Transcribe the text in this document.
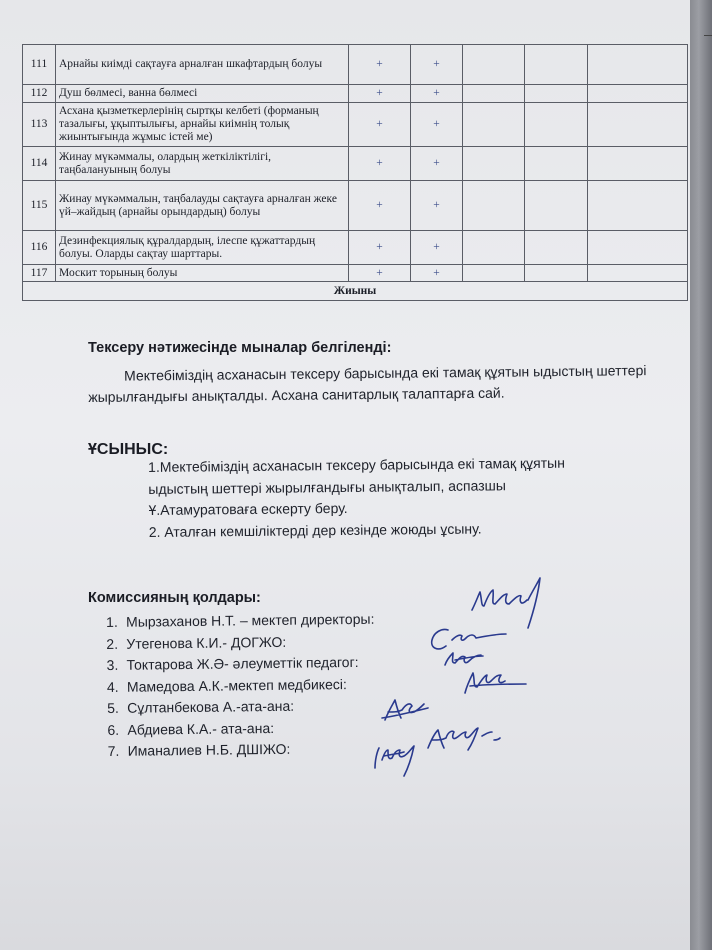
111	Арнайы киімді сақтауға арналған шкафтардың болуы	+	+			
112	Душ бөлмесі, ванна бөлмесі	+	+			
113	Асхана қызметкерлерінің сыртқы келбеті (форманың тазалығы, ұқыптылығы, арнайы киімнің толық жиынтығында жұмыс істей ме)	+	+			
114	Жинау мүкәммалы, олардың жеткіліктілігі, таңбалануының болуы	+	+			
115	Жинау мүкәммалын, таңбалауды сақтауға арналған жеке үй–жайдың (арнайы орындардың) болуы	+	+			
116	Дезинфекциялық құралдардың, ілеспе құжаттардың болуы. Оларды сақтау шарттары.	+	+			
117	Москит торының болуы	+	+			
Жиыны						
Тексеру нәтижесінде мыналар белгіленді:
Мектебіміздің асханасын тексеру барысында екі тамақ құятын ыдыстың шеттері жырылғандығы анықталды. Асхана санитарлық талаптарға сай.
ҰСЫНЫС:
1.Мектебіміздің асханасын тексеру барысында екі тамақ құятын
ыдыстың шеттері жырылғандығы анықталып, аспазшы
Ұ.Атамуратоваға ескерту беру.
2. Аталған кемшіліктерді дер кезінде жоюды ұсыну.
Комиссияның қолдары:
1. Мырзаханов Н.Т. – мектеп директоры:
2. Утегенова К.И.- ДОГЖО:
3. Токтарова Ж.Ә- әлеуметтік педагог:
4. Мамедова А.К.-мектеп медбикесі:
5. Сұлтанбекова А.-ата-ана:
6. Абдиева К.А.- ата-ана:
7. Иманалиев Н.Б. ДШІЖО:
